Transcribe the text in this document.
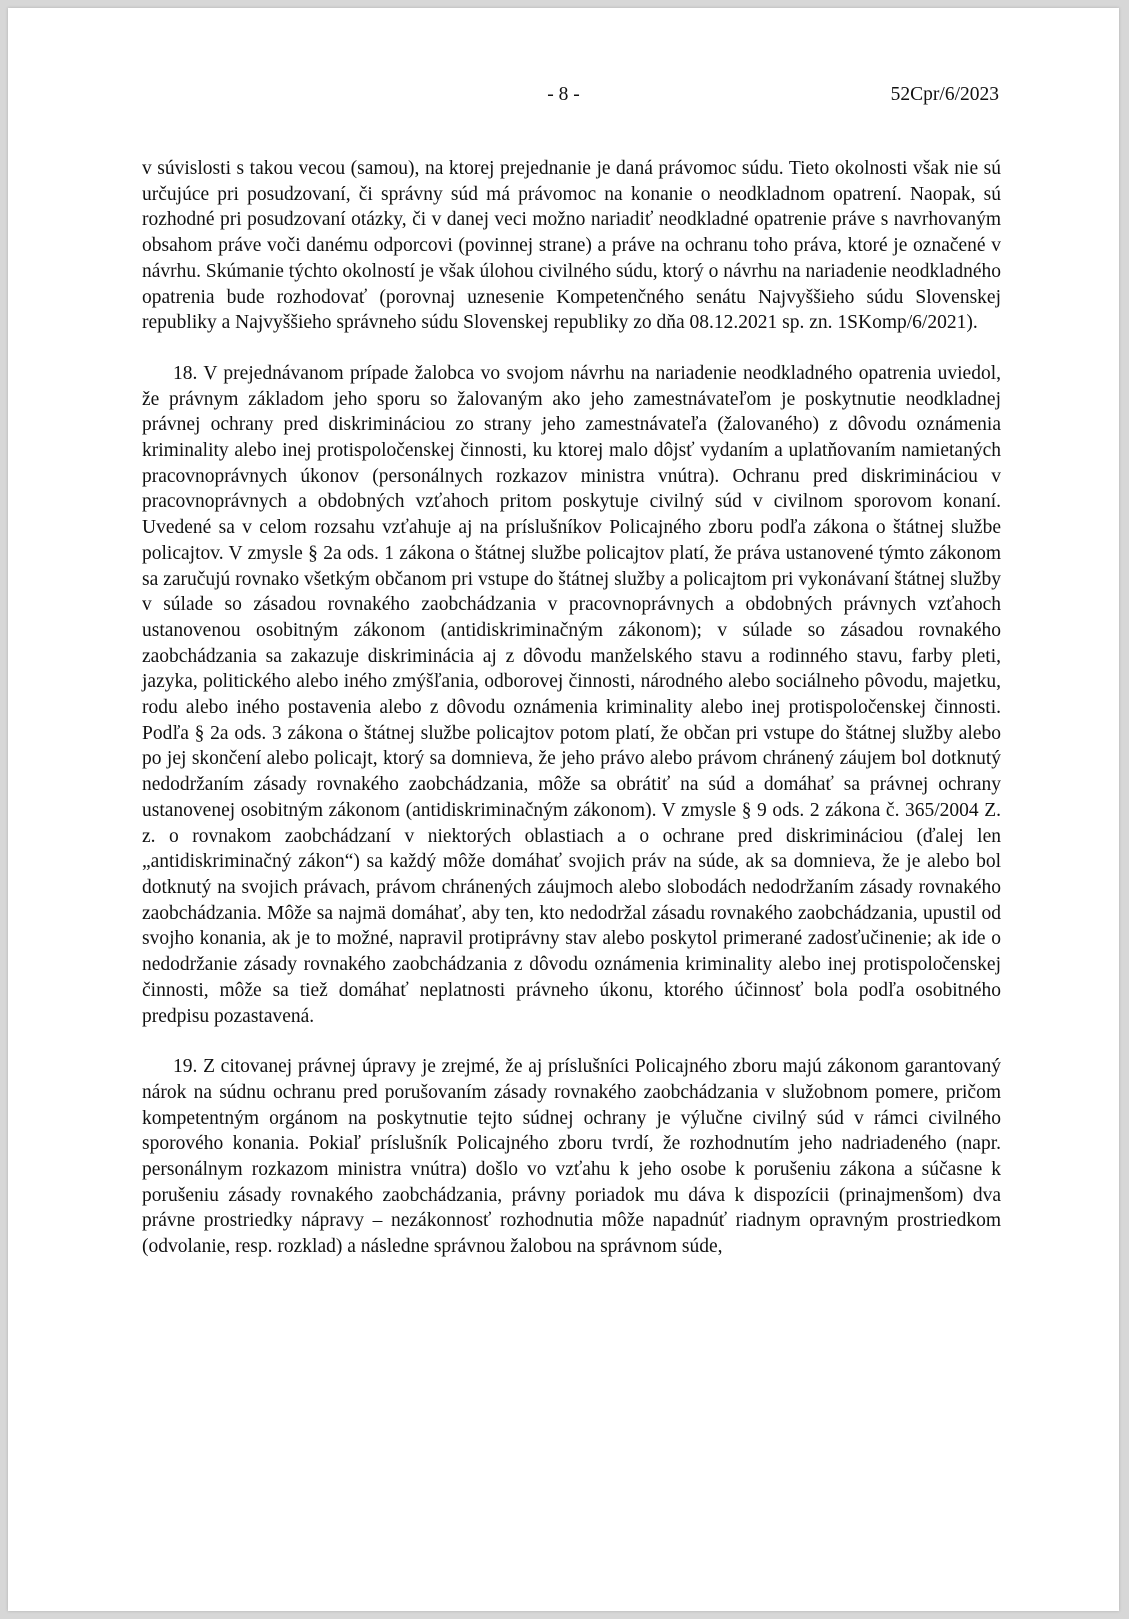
- 8 -	52Cpr/6/2023

v súvislosti s takou vecou (samou), na ktorej prejednanie je daná právomoc súdu. Tieto okolnosti však nie sú určujúce pri posudzovaní, či správny súd má právomoc na konanie o neodkladnom opatrení. Naopak, sú rozhodné pri posudzovaní otázky, či v danej veci možno nariadiť neodkladné opatrenie práve s navrhovaným obsahom práve voči danému odporcovi (povinnej strane) a práve na ochranu toho práva, ktoré je označené v návrhu. Skúmanie týchto okolností je však úlohou civilného súdu, ktorý o návrhu na nariadenie neodkladného opatrenia bude rozhodovať (porovnaj uznesenie Kompetenčného senátu Najvyššieho súdu Slovenskej republiky a Najvyššieho správneho súdu Slovenskej republiky zo dňa 08.12.2021 sp. zn. 1SKomp/6/2021).

18. V prejednávanom prípade žalobca vo svojom návrhu na nariadenie neodkladného opatrenia uviedol, že právnym základom jeho sporu so žalovaným ako jeho zamestnávateľom je poskytnutie neodkladnej právnej ochrany pred diskrimináciou zo strany jeho zamestnávateľa (žalovaného) z dôvodu oznámenia kriminality alebo inej protispoločenskej činnosti, ku ktorej malo dôjsť vydaním a uplatňovaním namietaných pracovnoprávnych úkonov (personálnych rozkazov ministra vnútra). Ochranu pred diskrimináciou v pracovnoprávnych a obdobných vzťahoch pritom poskytuje civilný súd v civilnom sporovom konaní. Uvedené sa v celom rozsahu vzťahuje aj na príslušníkov Policajného zboru podľa zákona o štátnej službe policajtov. V zmysle § 2a ods. 1 zákona o štátnej službe policajtov platí, že práva ustanovené týmto zákonom sa zaručujú rovnako všetkým občanom pri vstupe do štátnej služby a policajtom pri vykonávaní štátnej služby v súlade so zásadou rovnakého zaobchádzania v pracovnoprávnych a obdobných právnych vzťahoch ustanovenou osobitným zákonom (antidiskriminačným zákonom); v súlade so zásadou rovnakého zaobchádzania sa zakazuje diskriminácia aj z dôvodu manželského stavu a rodinného stavu, farby pleti, jazyka, politického alebo iného zmýšľania, odborovej činnosti, národného alebo sociálneho pôvodu, majetku, rodu alebo iného postavenia alebo z dôvodu oznámenia kriminality alebo inej protispoločenskej činnosti. Podľa § 2a ods. 3 zákona o štátnej službe policajtov potom platí, že občan pri vstupe do štátnej služby alebo po jej skončení alebo policajt, ktorý sa domnieva, že jeho právo alebo právom chránený záujem bol dotknutý nedodržaním zásady rovnakého zaobchádzania, môže sa obrátiť na súd a domáhať sa právnej ochrany ustanovenej osobitným zákonom (antidiskriminačným zákonom). V zmysle § 9 ods. 2 zákona č. 365/2004 Z. z. o rovnakom zaobchádzaní v niektorých oblastiach a o ochrane pred diskrimináciou (ďalej len „antidiskriminačný zákon“) sa každý môže domáhať svojich práv na súde, ak sa domnieva, že je alebo bol dotknutý na svojich právach, právom chránených záujmoch alebo slobodách nedodržaním zásady rovnakého zaobchádzania. Môže sa najmä domáhať, aby ten, kto nedodržal zásadu rovnakého zaobchádzania, upustil od svojho konania, ak je to možné, napravil protiprávny stav alebo poskytol primerané zadosťučinenie; ak ide o nedodržanie zásady rovnakého zaobchádzania z dôvodu oznámenia kriminality alebo inej protispoločenskej činnosti, môže sa tiež domáhať neplatnosti právneho úkonu, ktorého účinnosť bola podľa osobitného predpisu pozastavená.

19. Z citovanej právnej úpravy je zrejmé, že aj príslušníci Policajného zboru majú zákonom garantovaný nárok na súdnu ochranu pred porušovaním zásady rovnakého zaobchádzania v služobnom pomere, pričom kompetentným orgánom na poskytnutie tejto súdnej ochrany je výlučne civilný súd v rámci civilného sporového konania. Pokiaľ príslušník Policajného zboru tvrdí, že rozhodnutím jeho nadriadeného (napr. personálnym rozkazom ministra vnútra) došlo vo vzťahu k jeho osobe k porušeniu zákona a súčasne k porušeniu zásady rovnakého zaobchádzania, právny poriadok mu dáva k dispozícii (prinajmenšom) dva právne prostriedky nápravy – nezákonnosť rozhodnutia môže napadnúť riadnym opravným prostriedkom (odvolanie, resp. rozklad) a následne správnou žalobou na správnom súde,
